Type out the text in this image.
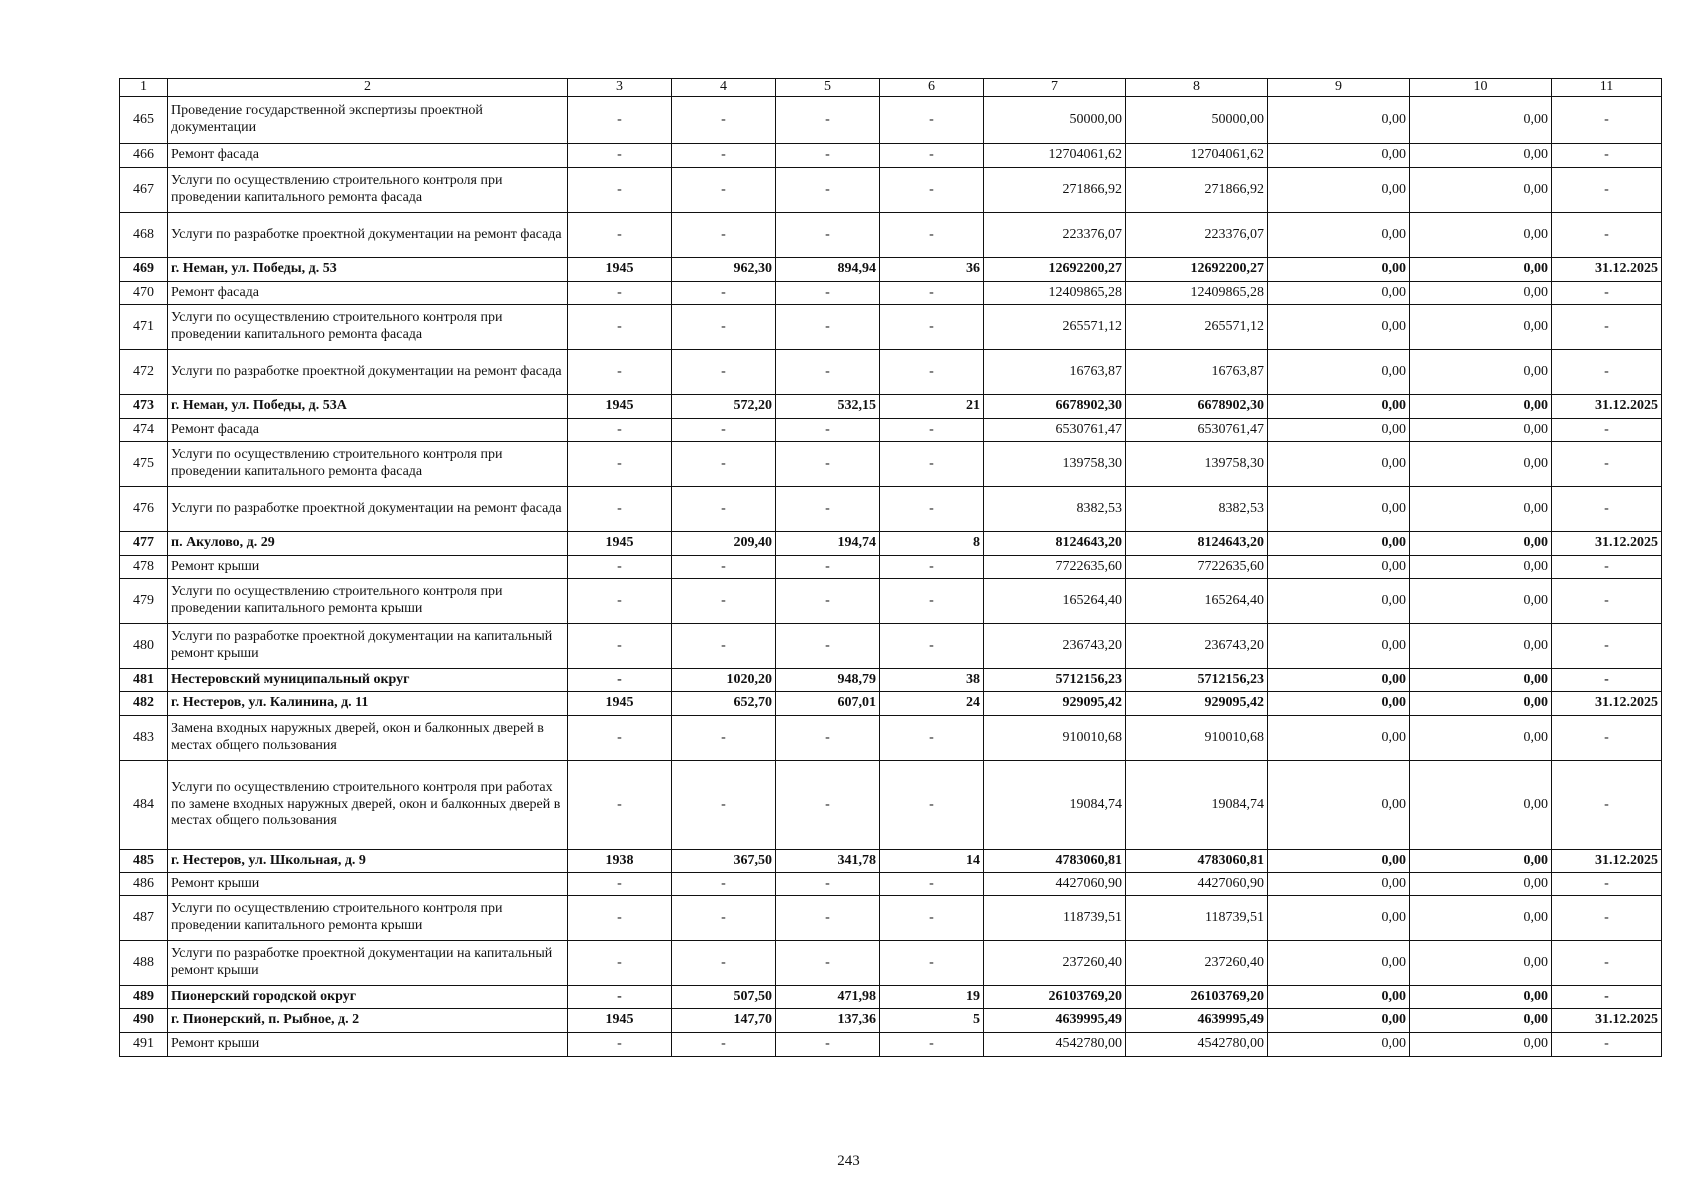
1	2	3	4	5	6	7	8	9	10	11
465	Проведение государственной экспертизы проектной документации	-	-	-	-	50000,00	50000,00	0,00	0,00	-
466	Ремонт фасада	-	-	-	-	12704061,62	12704061,62	0,00	0,00	-
467	Услуги по осуществлению строительного контроля при проведении капитального ремонта фасада	-	-	-	-	271866,92	271866,92	0,00	0,00	-
468	Услуги по разработке проектной документации на ремонт фасада	-	-	-	-	223376,07	223376,07	0,00	0,00	-
469	г. Неман, ул. Победы, д. 53	1945	962,30	894,94	36	12692200,27	12692200,27	0,00	0,00	31.12.2025
470	Ремонт фасада	-	-	-	-	12409865,28	12409865,28	0,00	0,00	-
471	Услуги по осуществлению строительного контроля при проведении капитального ремонта фасада	-	-	-	-	265571,12	265571,12	0,00	0,00	-
472	Услуги по разработке проектной документации на ремонт фасада	-	-	-	-	16763,87	16763,87	0,00	0,00	-
473	г. Неман, ул. Победы, д. 53А	1945	572,20	532,15	21	6678902,30	6678902,30	0,00	0,00	31.12.2025
474	Ремонт фасада	-	-	-	-	6530761,47	6530761,47	0,00	0,00	-
475	Услуги по осуществлению строительного контроля при проведении капитального ремонта фасада	-	-	-	-	139758,30	139758,30	0,00	0,00	-
476	Услуги по разработке проектной документации на ремонт фасада	-	-	-	-	8382,53	8382,53	0,00	0,00	-
477	п. Акулово, д. 29	1945	209,40	194,74	8	8124643,20	8124643,20	0,00	0,00	31.12.2025
478	Ремонт крыши	-	-	-	-	7722635,60	7722635,60	0,00	0,00	-
479	Услуги по осуществлению строительного контроля при проведении капитального ремонта крыши	-	-	-	-	165264,40	165264,40	0,00	0,00	-
480	Услуги по разработке проектной документации на капитальный ремонт крыши	-	-	-	-	236743,20	236743,20	0,00	0,00	-
481	Нестеровский муниципальный округ	-	1020,20	948,79	38	5712156,23	5712156,23	0,00	0,00	-
482	г. Нестеров, ул. Калинина, д. 11	1945	652,70	607,01	24	929095,42	929095,42	0,00	0,00	31.12.2025
483	Замена входных наружных дверей, окон и балконных дверей в местах общего пользования	-	-	-	-	910010,68	910010,68	0,00	0,00	-
484	Услуги по осуществлению строительного контроля при работах по замене входных наружных дверей, окон и балконных дверей в местах общего пользования	-	-	-	-	19084,74	19084,74	0,00	0,00	-
485	г. Нестеров, ул. Школьная, д. 9	1938	367,50	341,78	14	4783060,81	4783060,81	0,00	0,00	31.12.2025
486	Ремонт крыши	-	-	-	-	4427060,90	4427060,90	0,00	0,00	-
487	Услуги по осуществлению строительного контроля при проведении капитального ремонта крыши	-	-	-	-	118739,51	118739,51	0,00	0,00	-
488	Услуги по разработке проектной документации на капитальный ремонт крыши	-	-	-	-	237260,40	237260,40	0,00	0,00	-
489	Пионерский городской округ	-	507,50	471,98	19	26103769,20	26103769,20	0,00	0,00	-
490	г. Пионерский, п. Рыбное, д. 2	1945	147,70	137,36	5	4639995,49	4639995,49	0,00	0,00	31.12.2025
491	Ремонт крыши	-	-	-	-	4542780,00	4542780,00	0,00	0,00	-
243
